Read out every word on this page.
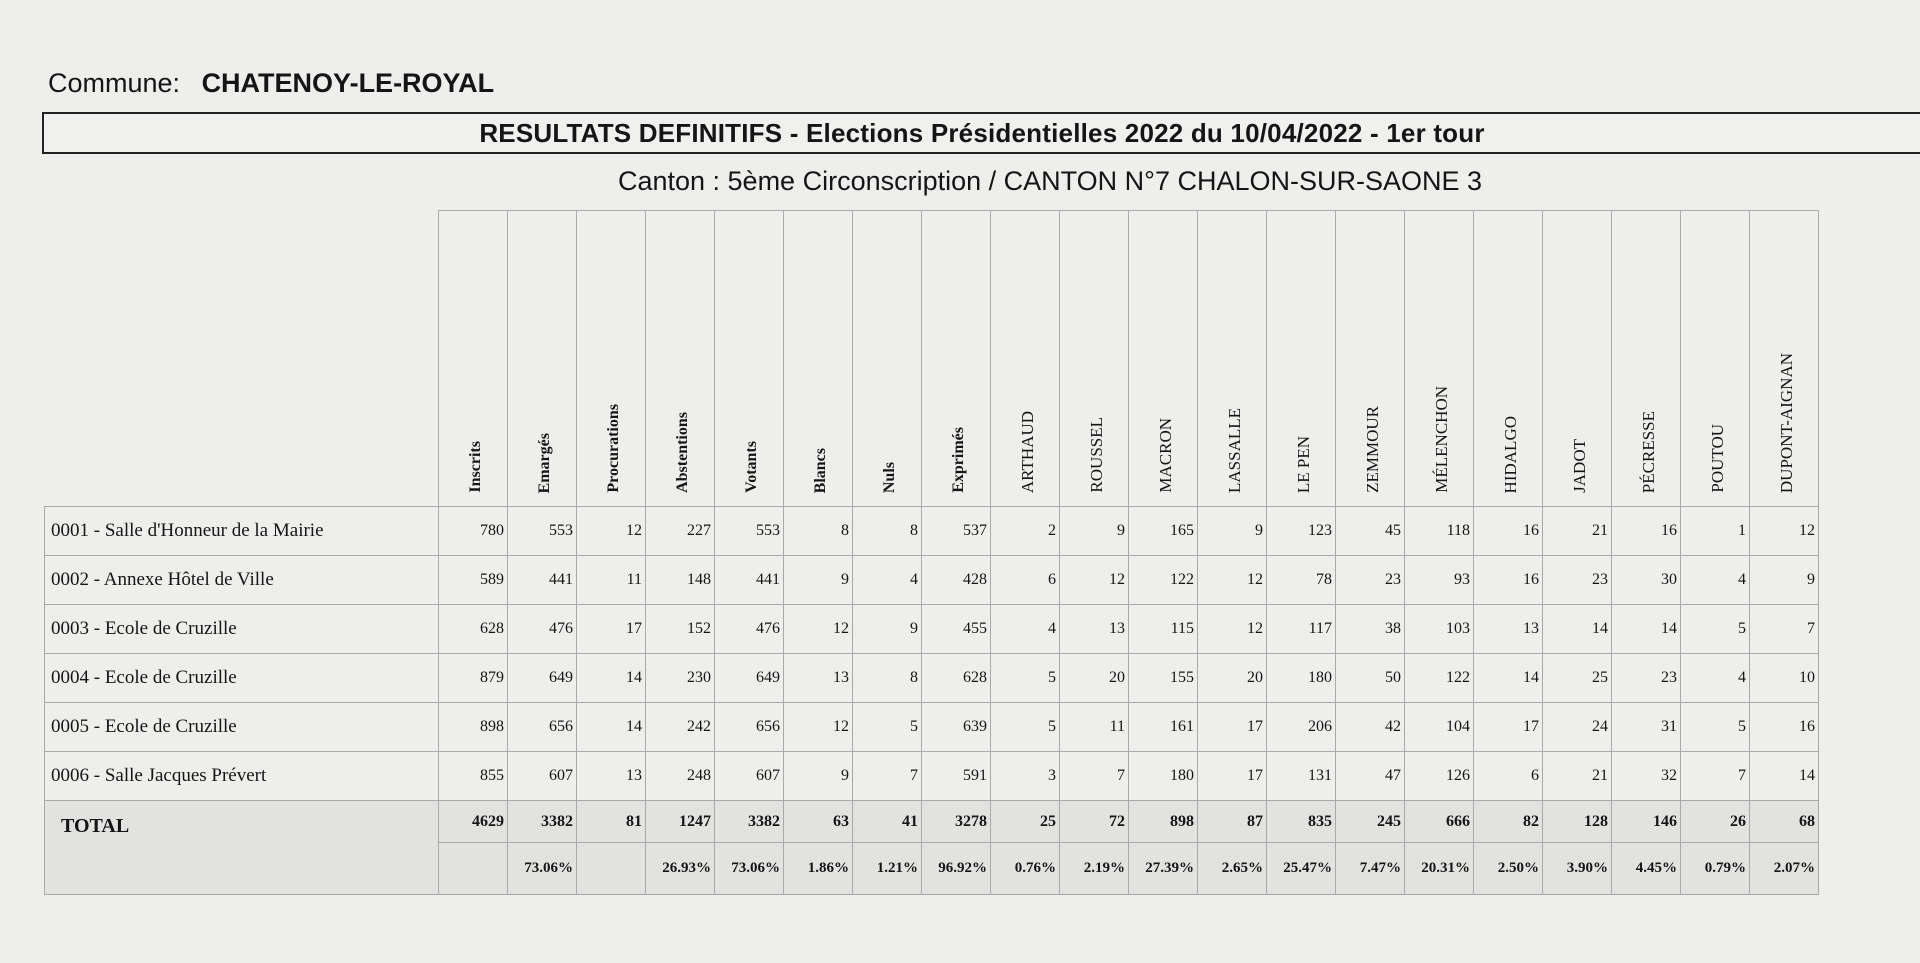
Commune: CHATENOY-LE-ROYAL
RESULTATS DEFINITIFS - Elections Présidentielles 2022 du 10/04/2022 - 1er tour
Canton : 5ème Circonscription / CANTON N°7 CHALON-SUR-SAONE 3
	Inscrits	Emargés	Procurations	Abstentions	Votants	Blancs	Nuls	Exprimés	ARTHAUD	ROUSSEL	MACRON	LASSALLE	LE PEN	ZEMMOUR	MÉLENCHON	HIDALGO	JADOT	PÉCRESSE	POUTOU	DUPONT-AIGNAN
0001 - Salle d'Honneur de la Mairie	780	553	12	227	553	8	8	537	2	9	165	9	123	45	118	16	21	16	1	12
0002 - Annexe Hôtel de Ville	589	441	11	148	441	9	4	428	6	12	122	12	78	23	93	16	23	30	4	9
0003 - Ecole de Cruzille	628	476	17	152	476	12	9	455	4	13	115	12	117	38	103	13	14	14	5	7
0004 - Ecole de Cruzille	879	649	14	230	649	13	8	628	5	20	155	20	180	50	122	14	25	23	4	10
0005 - Ecole de Cruzille	898	656	14	242	656	12	5	639	5	11	161	17	206	42	104	17	24	31	5	16
0006 - Salle Jacques Prévert	855	607	13	248	607	9	7	591	3	7	180	17	131	47	126	6	21	32	7	14
TOTAL	4629	3382	81	1247	3382	63	41	3278	25	72	898	87	835	245	666	82	128	146	26	68
		73.06%		26.93%	73.06%	1.86%	1.21%	96.92%	0.76%	2.19%	27.39%	2.65%	25.47%	7.47%	20.31%	2.50%	3.90%	4.45%	0.79%	2.07%
